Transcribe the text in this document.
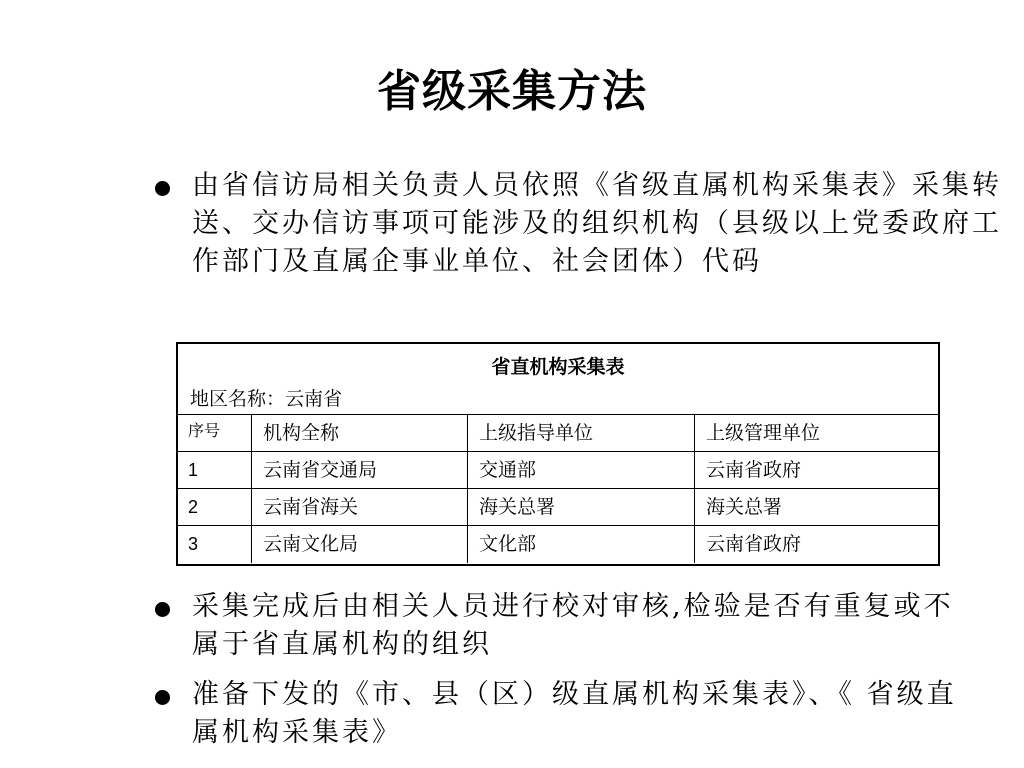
省级采集方法
由省信访局相关负责人员依照《省级直属机构采集表》采集转送、交办信访事项可能涉及的组织机构（县级以上党委政府工作部门及直属企事业单位、社会团体）代码
省直机构采集表
地区名称：云南省
序号	机构全称	上级指导单位	上级管理单位
1	云南省交通局	交通部	云南省政府
2	云南省海关	海关总署	海关总署
3	云南文化局	文化部	云南省政府
采集完成后由相关人员进行校对审核,检验是否有重复或不属于省直属机构的组织
准备下发的《市、县（区）级直属机构采集表》、《 省级直属机构采集表》
